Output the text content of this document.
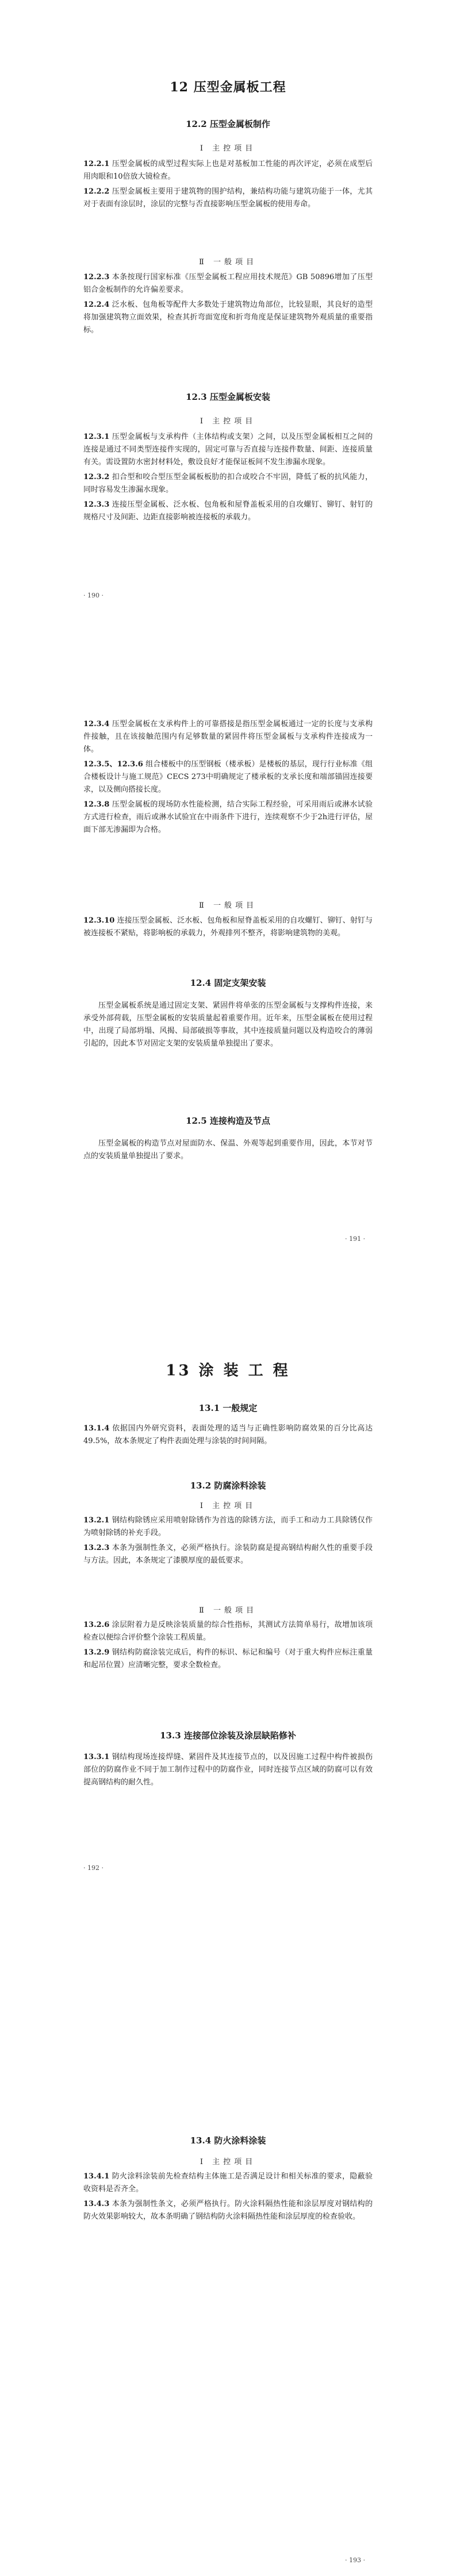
12 压型金属板工程
12.2 压型金属板制作
Ⅰ 主控项目

12.2.1 压型金属板的成型过程实际上也是对基板加工性能的再次评定，必须在成型后用肉眼和10倍放大镜检查。

12.2.2 压型金属板主要用于建筑物的围护结构，兼结构功能与建筑功能于一体，尤其对于表面有涂层时，涂层的完整与否直接影响压型金属板的使用寿命。

Ⅱ 一般项目

12.2.3 本条按现行国家标准《压型金属板工程应用技术规范》GB 50896增加了压型铝合金板制作的允许偏差要求。

12.2.4 泛水板、包角板等配件大多数处于建筑物边角部位，比较显眼，其良好的造型将加强建筑物立面效果，检查其折弯面宽度和折弯角度是保证建筑物外观质量的重要指标。

12.3 压型金属板安装
Ⅰ 主控项目

12.3.1 压型金属板与支承构件（主体结构或支架）之间，以及压型金属板相互之间的连接是通过不同类型连接件实现的，固定可靠与否直接与连接件数量、间距、连接质量有关。需设置防水密封材料处，敷设良好才能保证板间不发生渗漏水现象。

12.3.2 扣合型和咬合型压型金属板板肋的扣合或咬合不牢固，降低了板的抗风能力，同时容易发生渗漏水现象。

12.3.3 连接压型金属板、泛水板、包角板和屋脊盖板采用的自攻螺钉、铆钉、射钉的规格尺寸及间距、边距直接影响被连接板的承载力。

· 190 ·

12.3.4 压型金属板在支承构件上的可靠搭接是指压型金属板通过一定的长度与支承构件接触，且在该接触范围内有足够数量的紧固件将压型金属板与支承构件连接成为一体。

12.3.5、12.3.6 组合楼板中的压型钢板（楼承板）是楼板的基层，现行行业标准《组合楼板设计与施工规范》CECS 273中明确规定了楼承板的支承长度和端部锚固连接要求，以及侧向搭接长度。

12.3.8 压型金属板的现场防水性能检测，结合实际工程经验，可采用雨后或淋水试验方式进行检查，雨后或淋水试验宜在中雨条件下进行，连续观察不少于2h进行评估，屋面下部无渗漏即为合格。

Ⅱ 一般项目

12.3.10 连接压型金属板、泛水板、包角板和屋脊盖板采用的自攻螺钉、铆钉、射钉与被连接板不紧贴，将影响板的承载力，外观排列不整齐，将影响建筑物的美观。

12.4 固定支架安装

压型金属板系统是通过固定支架、紧固件将单张的压型金属板与支撑构件连接，来承受外部荷载，压型金属板的安装质量起着重要作用。近年来，压型金属板在使用过程中，出现了局部坍塌、风揭、局部破损等事故，其中连接质量问题以及构造咬合的薄弱引起的，因此本节对固定支架的安装质量单独提出了要求。

12.5 连接构造及节点

压型金属板的构造节点对屋面防水、保温、外观等起到重要作用，因此，本节对节点的安装质量单独提出了要求。

· 191 ·
13 涂 装 工 程
13.1 一般规定

13.1.4 依据国内外研究资料，表面处理的适当与正确性影响防腐效果的百分比高达49.5%，故本条规定了构件表面处理与涂装的时间间隔。

13.2 防腐涂料涂装
Ⅰ 主控项目

13.2.1 钢结构除锈应采用喷射除锈作为首选的除锈方法，而手工和动力工具除锈仅作为喷射除锈的补充手段。

13.2.3 本条为强制性条文，必须严格执行。涂装防腐是提高钢结构耐久性的重要手段与方法。因此，本条规定了漆膜厚度的最低要求。

Ⅱ 一般项目

13.2.6 涂层附着力是反映涂装质量的综合性指标，其测试方法简单易行，故增加该项检查以便综合评价整个涂装工程质量。

13.2.9 钢结构防腐涂装完成后，构件的标识、标记和编号（对于重大构件应标注重量和起吊位置）应清晰完整，要求全数检查。

13.3 连接部位涂装及涂层缺陷修补

13.3.1 钢结构现场连接焊缝、紧固件及其连接节点的，以及因施工过程中构件被损伤部位的防腐作业不同于加工制作过程中的防腐作业，同时连接节点区域的防腐可以有效提高钢结构的耐久性。

· 192 ·
13.4 防火涂料涂装
Ⅰ 主控项目

13.4.1 防火涂料涂装前先检查结构主体施工是否满足设计和相关标准的要求，隐蔽验收资料是否齐全。

13.4.3 本条为强制性条文，必须严格执行。防火涂料隔热性能和涂层厚度对钢结构的防火效果影响较大，故本条明确了钢结构防火涂料隔热性能和涂层厚度的检查验收。

· 193 ·
